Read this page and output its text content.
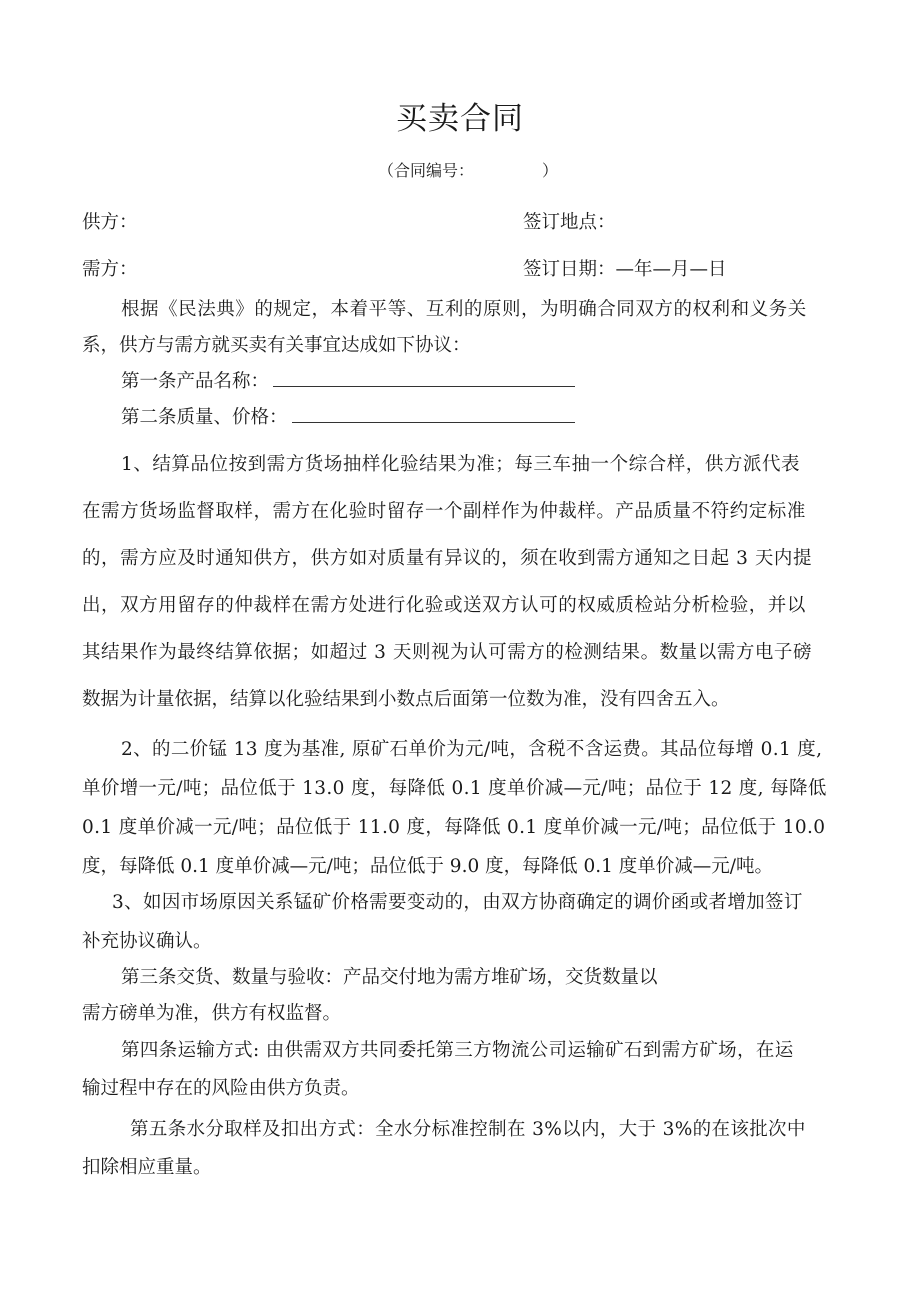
买卖合同
（合同编号：	）
供方：	签订地点：
需方：	签订日期：—年—月—日
根据《民法典》的规定，本着平等、互利的原则，为明确合同双方的权利和义务关
系，供方与需方就买卖有关事宜达成如下协议：
第一条产品名称：
第二条质量、价格：
1、结算品位按到需方货场抽样化验结果为准；每三车抽一个综合样，供方派代表
在需方货场监督取样，需方在化验时留存一个副样作为仲裁样。产品质量不符约定标准
的，需方应及时通知供方，供方如对质量有异议的，须在收到需方通知之日起 3 天内提
出，双方用留存的仲裁样在需方处进行化验或送双方认可的权威质检站分析检验，并以
其结果作为最终结算依据；如超过 3 天则视为认可需方的检测结果。数量以需方电子磅
数据为计量依据，结算以化验结果到小数点后面第一位数为准，没有四舍五入。
2、的二价锰 13 度为基准, 原矿石单价为元/吨，含税不含运费。其品位每增 0.1 度,
单价增一元/吨；品位低于 13.0 度，每降低 0.1 度单价减—元/吨；品位于 12 度, 每降低
0.1 度单价减一元/吨；品位低于 11.0 度，每降低 0.1 度单价减一元/吨；品位低于 10.0
度，每降低 0.1 度单价减—元/吨；品位低于 9.0 度，每降低 0.1 度单价减—元/吨。
3、如因市场原因关系锰矿价格需要变动的，由双方协商确定的调价函或者增加签订
补充协议确认。
第三条交货、数量与验收：产品交付地为需方堆矿场，交货数量以
需方磅单为准，供方有权监督。
第四条运输方式: 由供需双方共同委托第三方物流公司运输矿石到需方矿场，在运
输过程中存在的风险由供方负责。
第五条水分取样及扣出方式：全水分标准控制在 3%以内，大于 3%的在该批次中
扣除相应重量。
